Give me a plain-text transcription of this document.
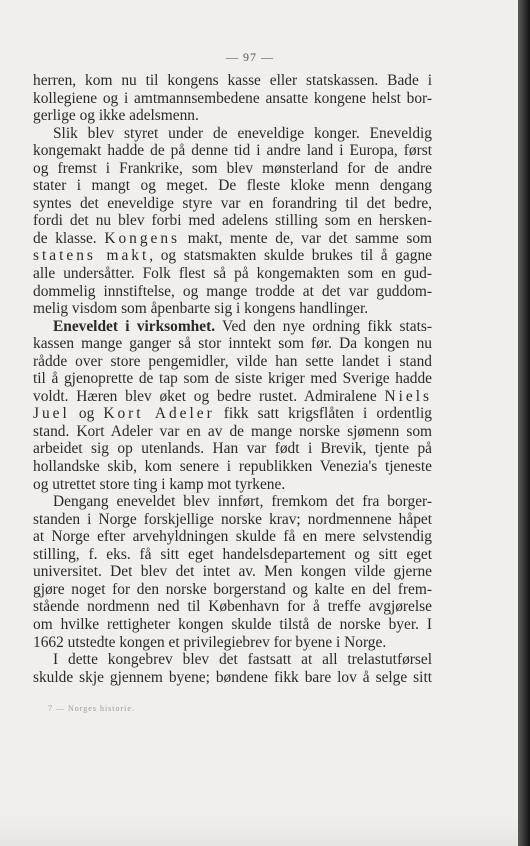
— 97 —
herren, kom nu til kongens kasse eller statskassen. Bade i
kollegiene og i amtmannsembedene ansatte kongene helst bor-
gerlige og ikke adelsmenn.
Slik blev styret under de eneveldige konger. Eneveldig
kongemakt hadde de på denne tid i andre land i Europa, først
og fremst i Frankrike, som blev mønsterland for de andre
stater i mangt og meget. De fleste kloke menn dengang
syntes det eneveldige styre var en forandring til det bedre,
fordi det nu blev forbi med adelens stilling som en hersken-
de klasse. Kongens makt, mente de, var det samme som
statens makt, og statsmakten skulde brukes til å gagne
alle undersåtter. Folk flest så på kongemakten som en gud-
dommelig innstiftelse, og mange trodde at det var guddom-
melig visdom som åpenbarte sig i kongens handlinger.
Eneveldet i virksomhet. Ved den nye ordning fikk stats-
kassen mange ganger så stor inntekt som før. Da kongen nu
rådde over store pengemidler, vilde han sette landet i stand
til å gjenoprette de tap som de siste kriger med Sverige hadde
voldt. Hæren blev øket og bedre rustet. Admiralene Niels
Juel og Kort Adeler fikk satt krigsflåten i ordentlig
stand. Kort Adeler var en av de mange norske sjømenn som
arbeidet sig op utenlands. Han var født i Brevik, tjente på
hollandske skib, kom senere i republikken Venezia's tjeneste
og utrettet store ting i kamp mot tyrkene.
Dengang eneveldet blev innført, fremkom det fra borger-
standen i Norge forskjellige norske krav; nordmennene håpet
at Norge efter arvehyldningen skulde få en mere selvstendig
stilling, f. eks. få sitt eget handelsdepartement og sitt eget
universitet. Det blev det intet av. Men kongen vilde gjerne
gjøre noget for den norske borgerstand og kalte en del frem-
stående nordmenn ned til København for å treffe avgjørelse
om hvilke rettigheter kongen skulde tilstå de norske byer. I
1662 utstedte kongen et privilegiebrev for byene i Norge.
I dette kongebrev blev det fastsatt at all trelastutførsel
skulde skje gjennem byene; bøndene fikk bare lov å selge sitt
7 — Norges historie.
